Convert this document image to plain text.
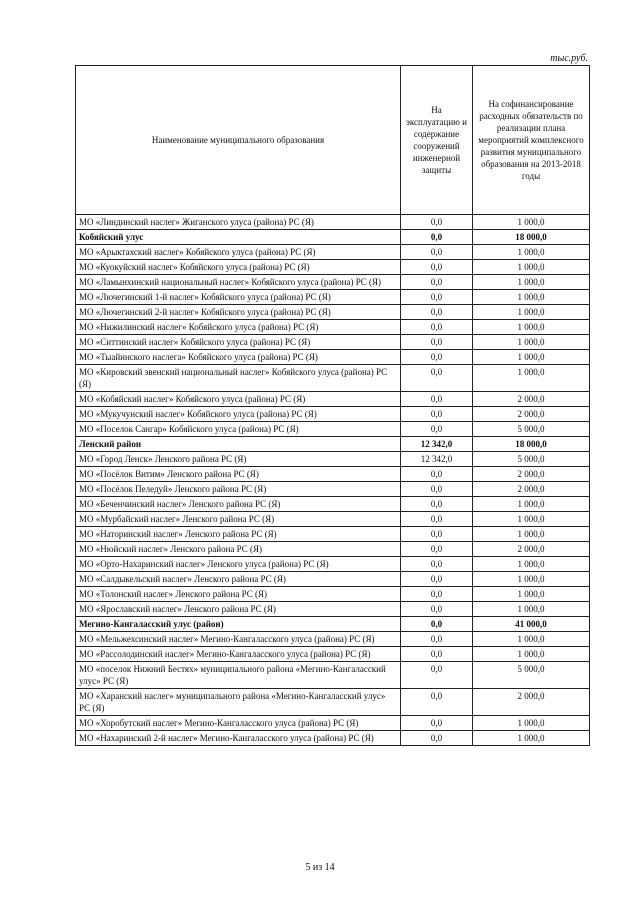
тыс.руб.
Наименование муниципального образования	На эксплуатацию и содержание сооружений инженерной защиты	На софинансирование расходных обязательств по реализации плана мероприятий комплексного развития муниципального образования на 2013-2018 годы
МО «Линдинский наслег» Жиганского улуса (района) РС (Я)	0,0	1 000,0
Кобяйский улус	0,0	18 000,0
МО «Арыктахский наслег» Кобяйского улуса (района) РС (Я)	0,0	1 000,0
МО «Куокуйский наслег» Кобяйского улуса (района) РС (Я)	0,0	1 000,0
МО «Ламынхинский национальный наслег» Кобяйского улуса (района) РС (Я)	0,0	1 000,0
МО «Лючегинский 1-й наслег» Кобяйского улуса (района) РС (Я)	0,0	1 000,0
МО «Лючегинский 2-й наслег» Кобяйского улуса (района) РС (Я)	0,0	1 000,0
МО «Нижилинский наслег» Кобяйского улуса (района) РС (Я)	0,0	1 000,0
МО «Ситтинский наслег» Кобяйского улуса (района) РС (Я)	0,0	1 000,0
МО «Тыайинского наслега» Кобяйского улуса (района) РС (Я)	0,0	1 000,0
МО «Кировский эвенский национальный наслег» Кобяйского улуса (района) РС (Я)	0,0	1 000,0
МО «Кобяйский наслег» Кобяйского улуса (района) РС (Я)	0,0	2 000,0
МО «Мукучунский наслег» Кобяйского улуса (района) РС (Я)	0,0	2 000,0
МО «Поселок Сангар» Кобяйского улуса (района) РС (Я)	0,0	5 000,0
Ленский район	12 342,0	18 000,0
МО «Город Ленск» Ленского района РС (Я)	12 342,0	5 000,0
МО «Посёлок Витим» Ленского района РС (Я)	0,0	2 000,0
МО «Посёлок Пеледуй» Ленского района РС (Я)	0,0	2 000,0
МО «Беченчинский наслег» Ленского района РС (Я)	0,0	1 000,0
МО «Мурбайский наслег» Ленского района РС (Я)	0,0	1 000,0
МО «Наторинский наслег» Ленского района РС (Я)	0,0	1 000,0
МО «Нюйский наслег» Ленского района РС (Я)	0,0	2 000,0
МО «Орто-Нахаринский наслег» Ленского улуса (района) РС (Я)	0,0	1 000,0
МО «Салдыкельский наслег» Ленского района РС (Я)	0,0	1 000,0
МО «Толонский наслег» Ленского района РС (Я)	0,0	1 000,0
МО «Ярославский наслег» Ленского района РС (Я)	0,0	1 000,0
Мегино-Кангаласский улус (район)	0,0	41 000,0
МО «Мельжехсинский наслег» Мегино-Кангаласского улуса (района) РС (Я)	0,0	1 000,0
МО «Рассолодинский наслег» Мегино-Кангаласского улуса (района) РС (Я)	0,0	1 000,0
МО «поселок Нижний Бестях» муниципального района «Мегино-Кангаласский улус» РС (Я)	0,0	5 000,0
МО «Харанский наслег» муниципального района «Мегино-Кангаласский улус» РС (Я)	0,0	2 000,0
МО «Хоробутский наслег» Мегино-Кангаласского улуса (района) РС (Я)	0,0	1 000,0
МО «Нахаринский 2-й наслег» Мегино-Кангаласского улуса (района) РС (Я)	0,0	1 000,0
5 из 14
